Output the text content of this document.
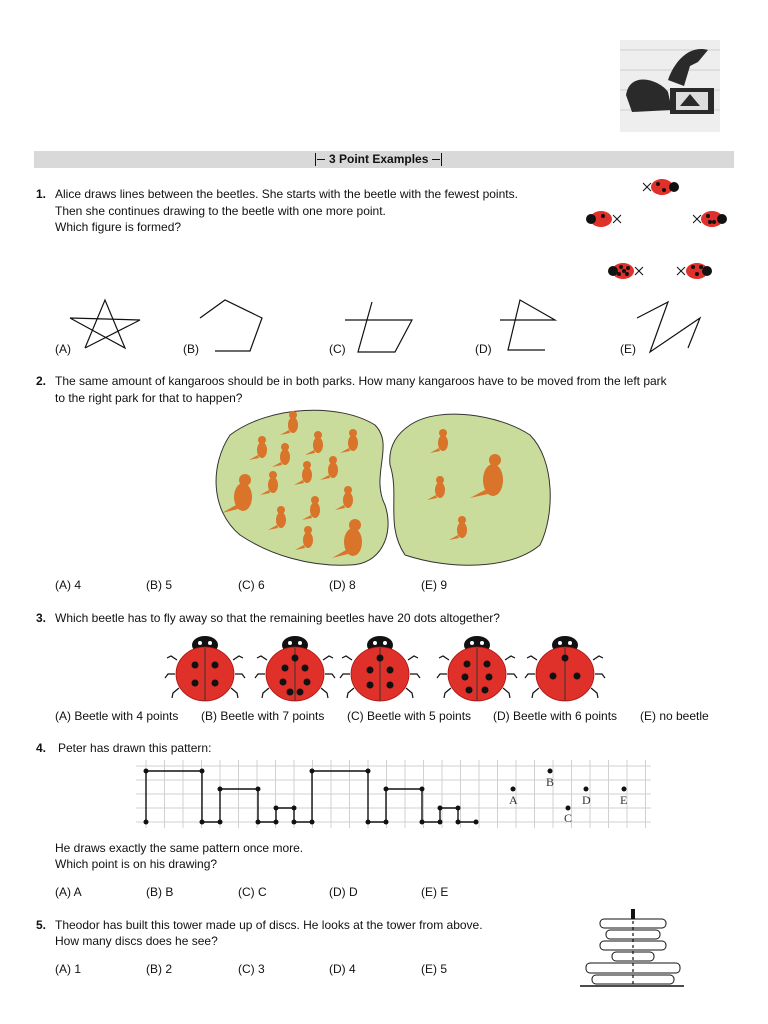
3 Point Examples
1. Alice draws lines between the beetles. She starts with the beetle with the fewest points.
Then she continues drawing to the beetle with one more point.
Which figure is formed?
(A)	(B)	(C)	(D)	(E)
2. The same amount of kangaroos should be in both parks. How many kangaroos have to be moved from the left park
to the right park for that to happen?
(A) 4	(B) 5	(C) 6	(D) 8	(E) 9
3. Which beetle has to fly away so that the remaining beetles have 20 dots altogether?
(A) Beetle with 4 points (B) Beetle with 7 points (C) Beetle with 5 points (D) Beetle with 6 points (E) no beetle
4. Peter has drawn this pattern:
A
B
C
D E
He draws exactly the same pattern once more.
Which point is on his drawing?
(A) A	(B) B	(C) C	(D) D	(E) E
5. Theodor has built this tower made up of discs. He looks at the tower from above.
How many discs does he see?
(A) 1	(B) 2	(C) 3	(D) 4	(E) 5
